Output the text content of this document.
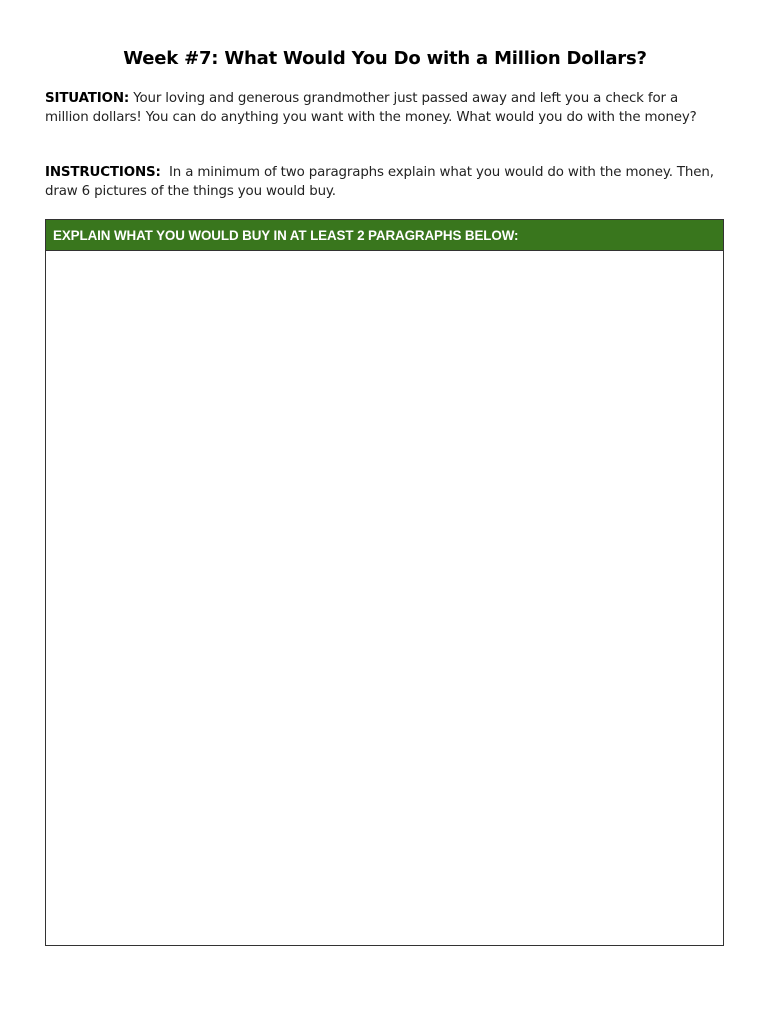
Week #7: What Would You Do with a Million Dollars?

SITUATION: Your loving and generous grandmother just passed away and left you a check for a million dollars! You can do anything you want with the money. What would you do with the money?

INSTRUCTIONS:  In a minimum of two paragraphs explain what you would do with the money. Then, draw 6 pictures of the things you would buy.

EXPLAIN WHAT YOU WOULD BUY IN AT LEAST 2 PARAGRAPHS BELOW:
